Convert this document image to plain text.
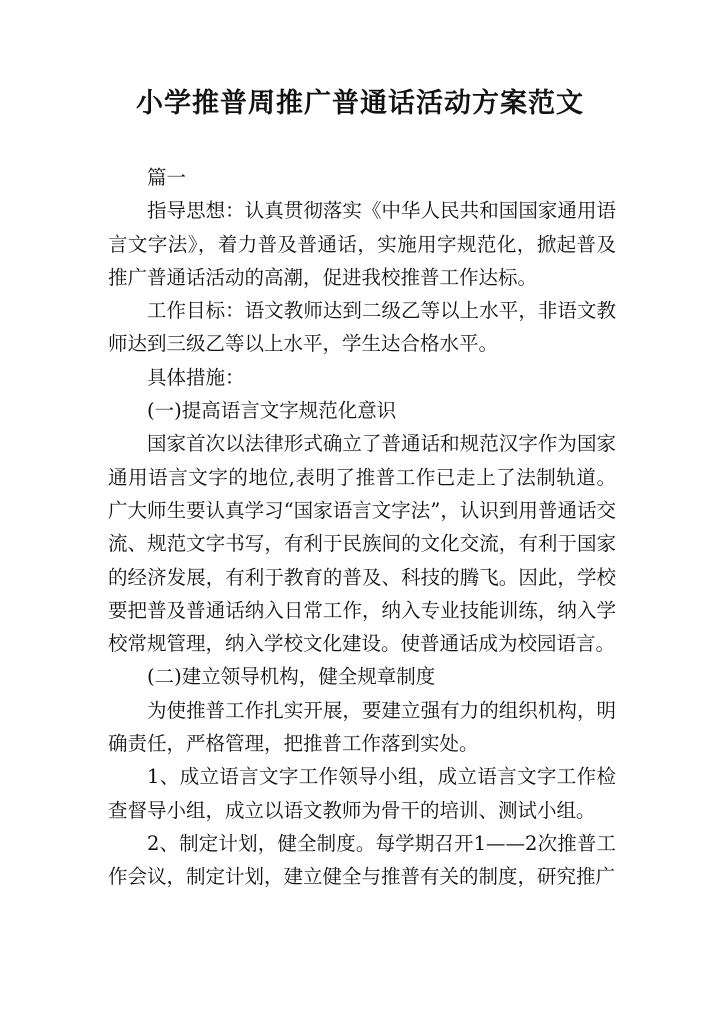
小学推普周推广普通话活动方案范文

篇一

指导思想：认真贯彻落实《中华人民共和国国家通用语言文字法》，着力普及普通话，实施用字规范化，掀起普及推广普通话活动的高潮，促进我校推普工作达标。

工作目标：语文教师达到二级乙等以上水平，非语文教师达到三级乙等以上水平，学生达合格水平。

具体措施：

(一)提高语言文字规范化意识

国家首次以法律形式确立了普通话和规范汉字作为国家通用语言文字的地位,表明了推普工作已走上了法制轨道。广大师生要认真学习“国家语言文字法”，认识到用普通话交流、规范文字书写，有利于民族间的文化交流，有利于国家的经济发展，有利于教育的普及、科技的腾飞。因此，学校要把普及普通话纳入日常工作，纳入专业技能训练，纳入学校常规管理，纳入学校文化建设。使普通话成为校园语言。

(二)建立领导机构，健全规章制度

为使推普工作扎实开展，要建立强有力的组织机构，明确责任，严格管理，把推普工作落到实处。

1、成立语言文字工作领导小组，成立语言文字工作检查督导小组，成立以语文教师为骨干的培训、测试小组。

2、制定计划，健全制度。每学期召开1——2次推普工作会议，制定计划，建立健全与推普有关的制度，研究推广
